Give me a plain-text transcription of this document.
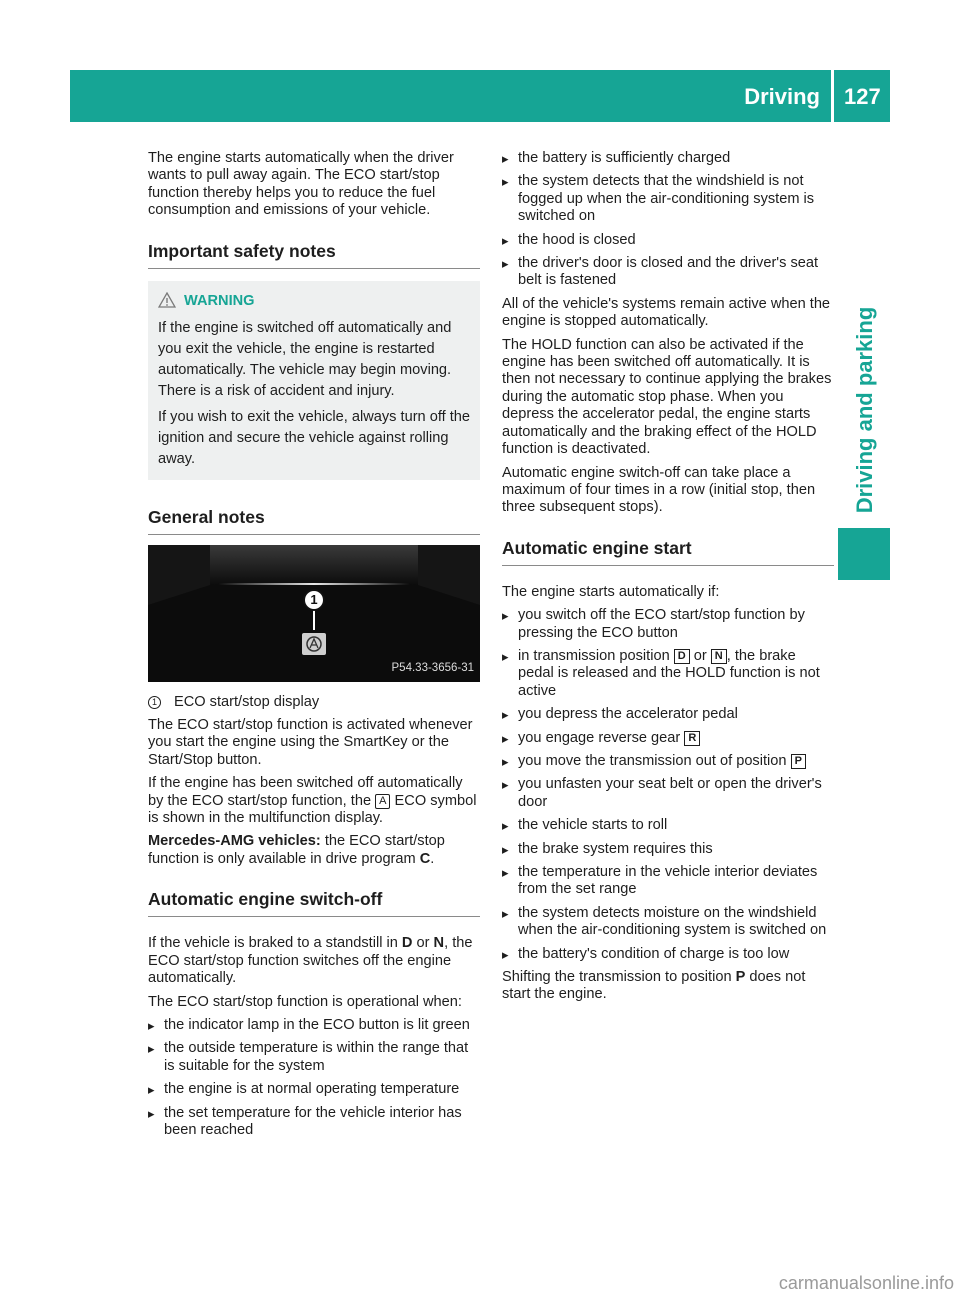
Driving 127
Driving and parking

The engine starts automatically when the driver wants to pull away again. The ECO start/stop function thereby helps you to reduce the fuel consumption and emissions of your vehicle.

Important safety notes
WARNING

If the engine is switched off automatically and you exit the vehicle, the engine is restarted automatically. The vehicle may begin moving. There is a risk of accident and injury.

If you wish to exit the vehicle, always turn off the ignition and secure the vehicle against rolling away.

General notes
1
P54.33-3656-31
1	ECO start/stop display

The ECO start/stop function is activated whenever you start the engine using the SmartKey or the Start/Stop button.

If the engine has been switched off automatically by the ECO start/stop function, the A ECO symbol is shown in the multifunction display.

Mercedes-AMG vehicles: the ECO start/stop function is only available in drive program C.

Automatic engine switch-off

If the vehicle is braked to a standstill in D or N, the ECO start/stop function switches off the engine automatically.

The ECO start/stop function is operational when:

▸ the indicator lamp in the ECO button is lit green
▸ the outside temperature is within the range that is suitable for the system
▸ the engine is at normal operating temperature
▸ the set temperature for the vehicle interior has been reached
▸ the battery is sufficiently charged
▸ the system detects that the windshield is not fogged up when the air-conditioning system is switched on
▸ the hood is closed
▸ the driver's door is closed and the driver's seat belt is fastened

All of the vehicle's systems remain active when the engine is stopped automatically.

The HOLD function can also be activated if the engine has been switched off automatically. It is then not necessary to continue applying the brakes during the automatic stop phase. When you depress the accelerator pedal, the engine starts automatically and the braking effect of the HOLD function is deactivated.

Automatic engine switch-off can take place a maximum of four times in a row (initial stop, then three subsequent stops).

Automatic engine start

The engine starts automatically if:

▸ you switch off the ECO start/stop function by pressing the ECO button
▸ in transmission position D or N , the brake pedal is released and the HOLD function is not active
▸ you depress the accelerator pedal
▸ you engage reverse gear R
▸ you move the transmission out of position P
▸ you unfasten your seat belt or open the driver's door
▸ the vehicle starts to roll
▸ the brake system requires this
▸ the temperature in the vehicle interior deviates from the set range
▸ the system detects moisture on the windshield when the air-conditioning system is switched on
▸ the battery's condition of charge is too low

Shifting the transmission to position P does not start the engine.

carmanualsonline.info
